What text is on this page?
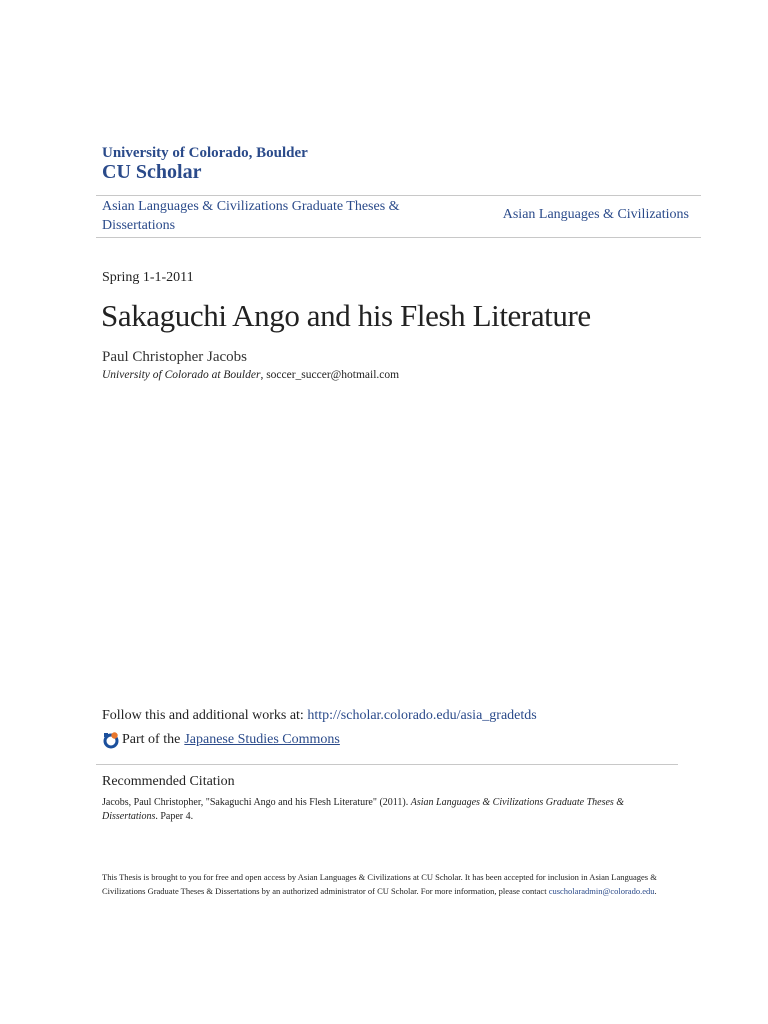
University of Colorado, Boulder
CU Scholar
Asian Languages & Civilizations Graduate Theses & Dissertations
Asian Languages & Civilizations
Spring 1-1-2011
Sakaguchi Ango and his Flesh Literature
Paul Christopher Jacobs
University of Colorado at Boulder, soccer_succer@hotmail.com
Follow this and additional works at: http://scholar.colorado.edu/asia_gradetds
Part of the Japanese Studies Commons
Recommended Citation
Jacobs, Paul Christopher, "Sakaguchi Ango and his Flesh Literature" (2011). Asian Languages & Civilizations Graduate Theses & Dissertations. Paper 4.
This Thesis is brought to you for free and open access by Asian Languages & Civilizations at CU Scholar. It has been accepted for inclusion in Asian Languages & Civilizations Graduate Theses & Dissertations by an authorized administrator of CU Scholar. For more information, please contact cuscholaradmin@colorado.edu.
